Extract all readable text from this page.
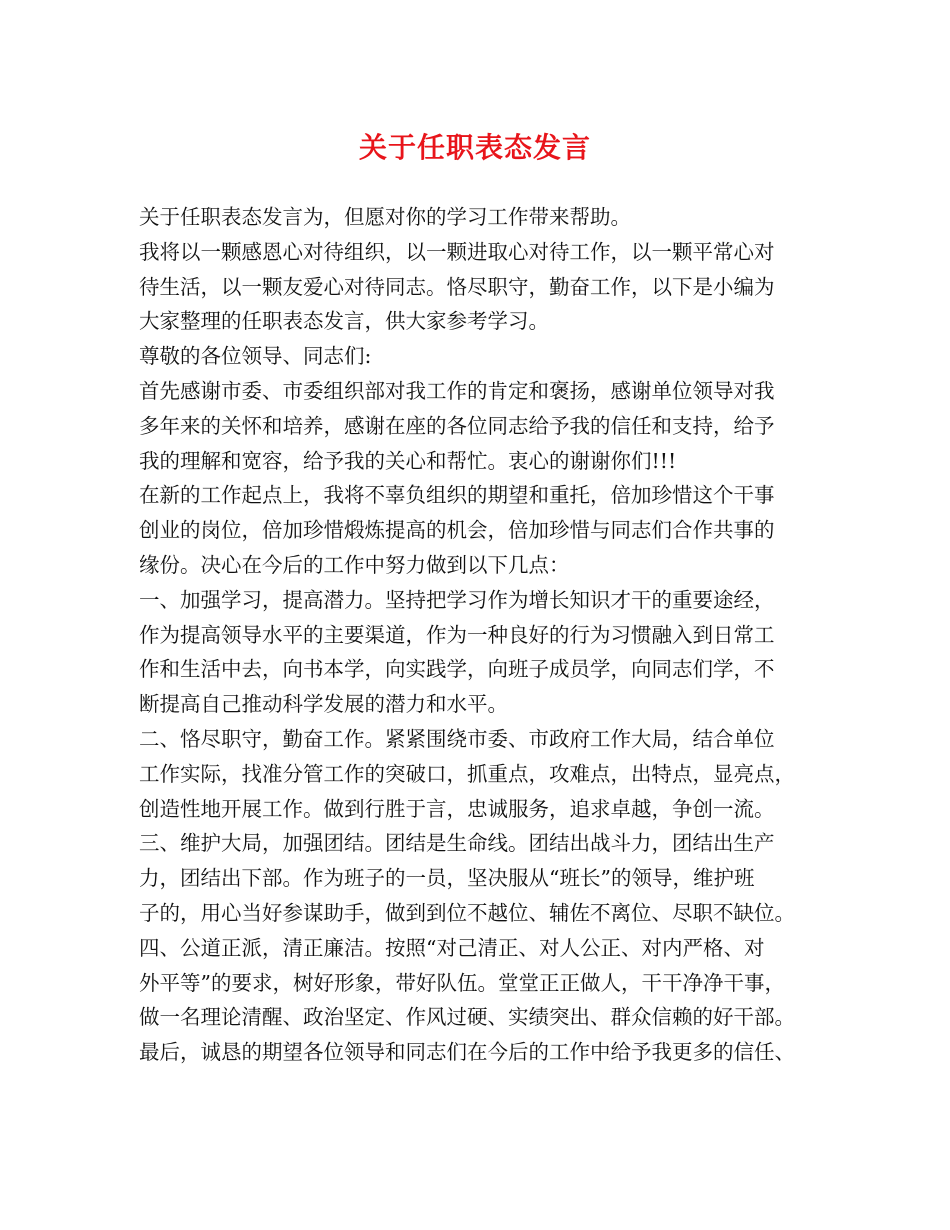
关于任职表态发言
关于任职表态发言为，但愿对你的学习工作带来帮助。
我将以一颗感恩心对待组织，以一颗进取心对待工作，以一颗平常心对
待生活，以一颗友爱心对待同志。恪尽职守，勤奋工作，以下是小编为
大家整理的任职表态发言，供大家参考学习。
尊敬的各位领导、同志们:
首先感谢市委、市委组织部对我工作的肯定和褒扬，感谢单位领导对我
多年来的关怀和培养，感谢在座的各位同志给予我的信任和支持，给予
我的理解和宽容，给予我的关心和帮忙。衷心的谢谢你们!!!
在新的工作起点上，我将不辜负组织的期望和重托，倍加珍惜这个干事
创业的岗位，倍加珍惜煅炼提高的机会，倍加珍惜与同志们合作共事的
缘份。决心在今后的工作中努力做到以下几点：
一、加强学习，提高潜力。坚持把学习作为增长知识才干的重要途经，
作为提高领导水平的主要渠道，作为一种良好的行为习惯融入到日常工
作和生活中去，向书本学，向实践学，向班子成员学，向同志们学，不
断提高自己推动科学发展的潜力和水平。
二、恪尽职守，勤奋工作。紧紧围绕市委、市政府工作大局，结合单位
工作实际，找准分管工作的突破口，抓重点，攻难点，出特点，显亮点，
创造性地开展工作。做到行胜于言，忠诚服务，追求卓越，争创一流。
三、维护大局，加强团结。团结是生命线。团结出战斗力，团结出生产
力，团结出下部。作为班子的一员，坚决服从“班长”的领导，维护班
子的，用心当好参谋助手，做到到位不越位、辅佐不离位、尽职不缺位。
四、公道正派，清正廉洁。按照“对己清正、对人公正、对内严格、对
外平等”的要求，树好形象，带好队伍。堂堂正正做人，干干净净干事，
做一名理论清醒、政治坚定、作风过硬、实绩突出、群众信赖的好干部。
最后，诚恳的期望各位领导和同志们在今后的工作中给予我更多的信任、
